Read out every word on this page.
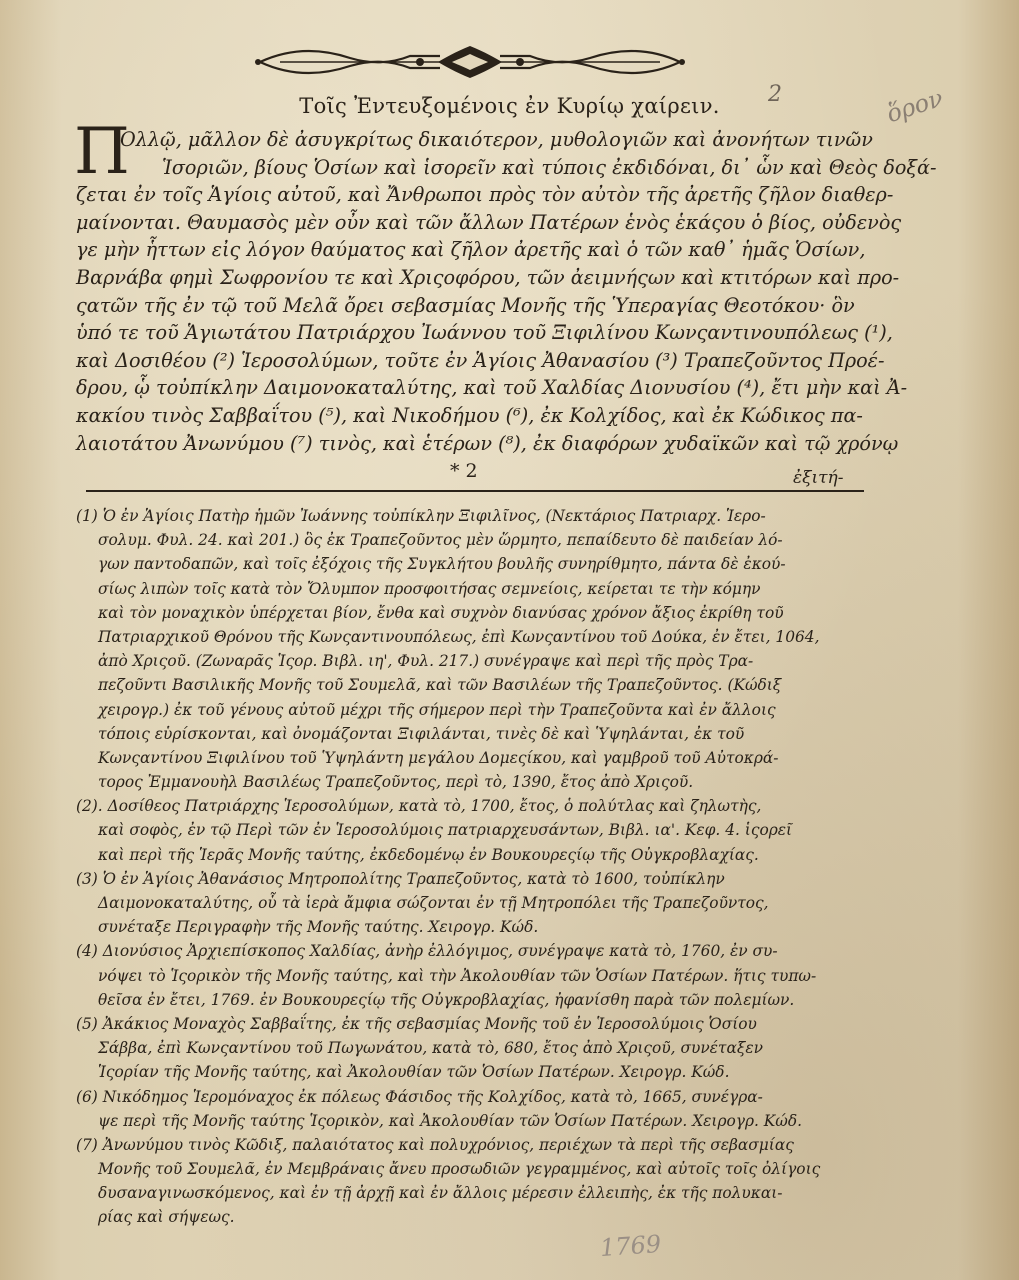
2	ὅρον
Τοῖς Ἐντευξομένοις ἐν Κυρίῳ χαίρειν.
Π
Ολλῷ, μᾶλλον δὲ ἀσυγκρίτως δικαιότερον, μυθολογιῶν καὶ ἀνονήτων τινῶν
Ἱσοριῶν, βίους Ὁσίων καὶ ἱσορεῖν καὶ τύποις ἐκδιδόναι, δι᾽ ὧν καὶ Θεὸς δοξά-
ζεται ἐν τοῖς Ἁγίοις αὐτοῦ, καὶ Ἄνθρωποι πρὸς τὸν αὐτὸν τῆς ἀρετῆς ζῆλον διαθερ-
μαίνονται. Θαυμασὸς μὲν οὖν καὶ τῶν ἄλλων Πατέρων ἑνὸς ἑκάςου ὁ βίος, οὐδενὸς
γε μὴν ἧττων εἰς λόγον θαύματος καὶ ζῆλον ἀρετῆς καὶ ὁ τῶν καθ᾽ ἡμᾶς Ὁσίων,
Βαρνάβα φημὶ Σωφρονίου τε καὶ Χριςοφόρου, τῶν ἀειμνήςων καὶ κτιτόρων καὶ προ-
ςατῶν τῆς ἐν τῷ τοῦ Μελᾶ ὄρει σεβασμίας Μονῆς τῆς Ὑπεραγίας Θεοτόκου· ὃν
ὑπό τε τοῦ Ἁγιωτάτου Πατριάρχου Ἰωάννου τοῦ Ξιφιλίνου Κωνςαντινουπόλεως (¹),
καὶ Δοσιθέου (²) Ἱεροσολύμων, τοῦτε ἐν Ἁγίοις Ἀθανασίου (³) Τραπεζοῦντος Προέ-
δρου, ᾧ τοὐπίκλην Δαιμονοκαταλύτης, καὶ τοῦ Χαλδίας Διονυσίου (⁴), ἔτι μὴν καὶ Ἀ-
κακίου τινὸς Σαββαΐτου (⁵), καὶ Νικοδήμου (⁶), ἐκ Κολχίδος, καὶ ἐκ Κώδικος πα-
λαιοτάτου Ἀνωνύμου (⁷) τινὸς, καὶ ἑτέρων (⁸), ἐκ διαφόρων χυδαϊκῶν καὶ τῷ χρόνῳ
* 2	ἐξιτή-
(1) Ὁ ἐν Ἁγίοις Πατὴρ ἡμῶν Ἰωάννης τοὐπίκλην Ξιφιλῖνος, (Νεκτάριος Πατριαρχ. Ἱερο-
σολυμ. Φυλ. 24. καὶ 201.) ὃς ἐκ Τραπεζοῦντος μὲν ὥρμητο, πεπαίδευτο δὲ παιδείαν λό-
γων παντοδαπῶν, καὶ τοῖς ἐξόχοις τῆς Συγκλήτου βουλῆς συνηρίθμητο, πάντα δὲ ἐκού-
σίως λιπὼν τοῖς κατὰ τὸν Ὄλυμπον προσφοιτήσας σεμνείοις, κείρεται τε τὴν κόμην
καὶ τὸν μοναχικὸν ὑπέρχεται βίον, ἔνθα καὶ συχνὸν διανύσας χρόνον ἄξιος ἐκρίθη τοῦ
Πατριαρχικοῦ Θρόνου τῆς Κωνςαντινουπόλεως, ἐπὶ Κωνςαντίνου τοῦ Δούκα, ἐν ἔτει, 1064,
ἀπὸ Χριςοῦ. (Ζωναρᾶς Ἱςορ. Βιβλ. ιη', Φυλ. 217.) συνέγραψε καὶ περὶ τῆς πρὸς Τρα-
πεζοῦντι Βασιλικῆς Μονῆς τοῦ Σουμελᾶ, καὶ τῶν Βασιλέων τῆς Τραπεζοῦντος. (Κώδιξ
χειρογρ.) ἐκ τοῦ γένους αὐτοῦ μέχρι τῆς σήμερον περὶ τὴν Τραπεζοῦντα καὶ ἐν ἄλλοις
τόποις εὑρίσκονται, καὶ ὀνομάζονται Ξιφιλάνται, τινὲς δὲ καὶ Ὑψηλάνται, ἐκ τοῦ
Κωνςαντίνου Ξιφιλίνου τοῦ Ὑψηλάντη μεγάλου Δομεςίκου, καὶ γαμβροῦ τοῦ Αὐτοκρά-
τορος Ἐμμανουὴλ Βασιλέως Τραπεζοῦντος, περὶ τὸ, 1390, ἔτος ἀπὸ Χριςοῦ.
(2). Δοσίθεος Πατριάρχης Ἱεροσολύμων, κατὰ τὸ, 1700, ἔτος, ὁ πολύτλας καὶ ζηλωτὴς,
καὶ σοφὸς, ἐν τῷ Περὶ τῶν ἐν Ἱεροσολύμοις πατριαρχευσάντων, Βιβλ. ια'. Κεφ. 4. ἱςορεῖ
καὶ περὶ τῆς Ἱερᾶς Μονῆς ταύτης, ἐκδεδομένῳ ἐν Βουκουρεςίῳ τῆς Οὐγκροβλαχίας.
(3) Ὁ ἐν Ἁγίοις Ἀθανάσιος Μητροπολίτης Τραπεζοῦντος, κατὰ τὸ 1600, τοὐπίκλην
Δαιμονοκαταλύτης, οὗ τὰ ἱερὰ ἄμφια σώζονται ἐν τῇ Μητροπόλει τῆς Τραπεζοῦντος,
συνέταξε Περιγραφὴν τῆς Μονῆς ταύτης. Χειρογρ. Κώδ.
(4) Διονύσιος Ἀρχιεπίσκοπος Χαλδίας, ἀνὴρ ἐλλόγιμος, συνέγραψε κατὰ τὸ, 1760, ἐν συ-
νόψει τὸ Ἱςορικὸν τῆς Μονῆς ταύτης, καὶ τὴν Ἀκολουθίαν τῶν Ὁσίων Πατέρων. ἥτις τυπω-
θεῖσα ἐν ἔτει, 1769. ἐν Βουκουρεςίῳ τῆς Οὐγκροβλαχίας, ἠφανίσθη παρὰ τῶν πολεμίων.
(5) Ἀκάκιος Μοναχὸς Σαββαΐτης, ἐκ τῆς σεβασμίας Μονῆς τοῦ ἐν Ἱεροσολύμοις Ὁσίου
Σάββα, ἐπὶ Κωνςαντίνου τοῦ Πωγωνάτου, κατὰ τὸ, 680, ἔτος ἀπὸ Χριςοῦ, συνέταξεν
Ἱςορίαν τῆς Μονῆς ταύτης, καὶ Ἀκολουθίαν τῶν Ὁσίων Πατέρων. Χειρογρ. Κώδ.
(6) Νικόδημος Ἱερομόναχος ἐκ πόλεως Φάσιδος τῆς Κολχίδος, κατὰ τὸ, 1665, συνέγρα-
ψε περὶ τῆς Μονῆς ταύτης Ἱςορικὸν, καὶ Ἀκολουθίαν τῶν Ὁσίων Πατέρων. Χειρογρ. Κώδ.
(7) Ἀνωνύμου τινὸς Κῶδιξ, παλαιότατος καὶ πολυχρόνιος, περιέχων τὰ περὶ τῆς σεβασμίας
Μονῆς τοῦ Σουμελᾶ, ἐν Μεμβράναις ἄνευ προσωδιῶν γεγραμμένος, καὶ αὐτοῖς τοῖς ὀλίγοις
δυσαναγινωσκόμενος, καὶ ἐν τῇ ἀρχῇ καὶ ἐν ἄλλοις μέρεσιν ἐλλειπὴς, ἐκ τῆς πολυκαι-
ρίας καὶ σήψεως.
1769
